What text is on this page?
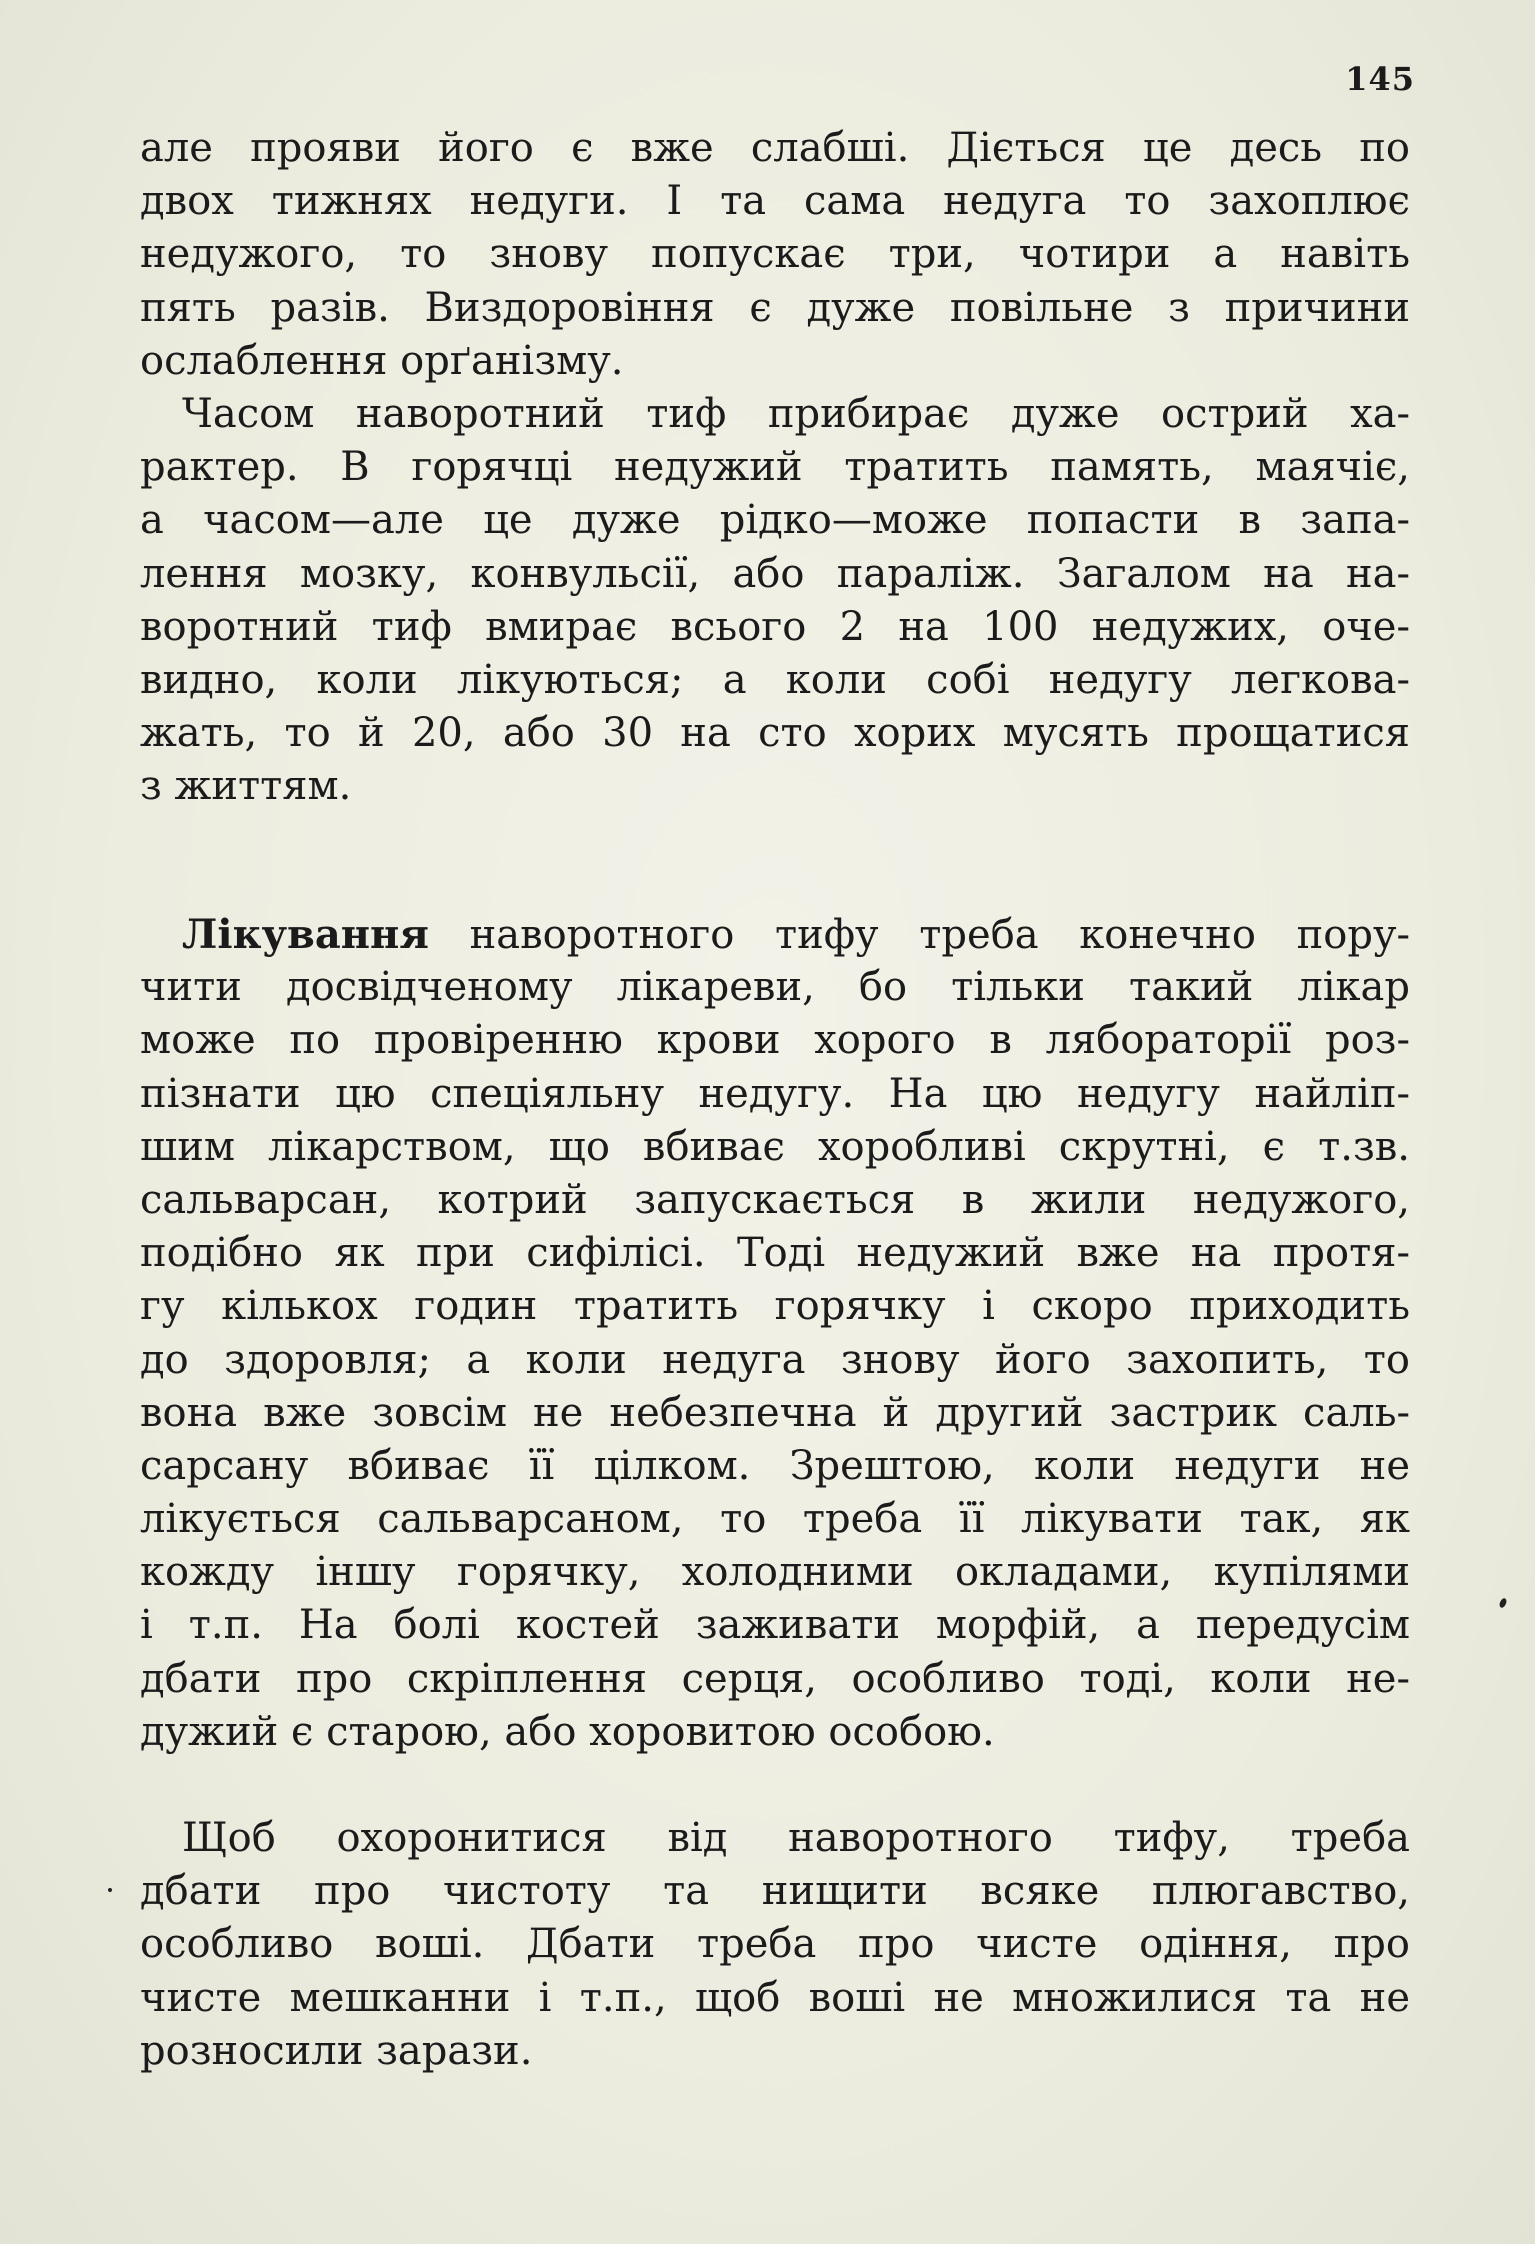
145
але прояви його є вже слабші. Діється це десь по
двох тижнях недуги. І та сама недуга то захоплює
недужого, то знову попускає три, чотири а навіть
пять разів. Виздоровіння є дуже повільне з причини
ослаблення орґанізму.
Часом наворотний тиф прибирає дуже острий ха-
рактер. В горячці недужий тратить память, маячіє,
а часом—але це дуже рідко—може попасти в запа-
лення мозку, конвульсії, або параліж. Загалом на на-
воротний тиф вмирає всього 2 на 100 недужих, оче-
видно, коли лікуються; а коли собі недугу легкова-
жать, то й 20, або 30 на сто хорих мусять прощатися
з життям.
Лікування наворотного тифу треба конечно пору-
чити досвідченому лікареви, бо тільки такий лікар
може по провіренню крови хорого в лябораторії роз-
пізнати цю спеціяльну недугу. На цю недугу найліп-
шим лікарством, що вбиває хоробливі скрутні, є т.зв.
сальварсан, котрий запускається в жили недужого,
подібно як при сифілісі. Тоді недужий вже на протя-
гу кількох годин тратить горячку і скоро приходить
до здоровля; а коли недуга знову його захопить, то
вона вже зовсім не небезпечна й другий застрик саль-
сарсану вбиває її цілком. Зрештою, коли недуги не
лікується сальварсаном, то треба її лікувати так, як
кожду іншу горячку, холодними окладами, купілями
і т.п. На болі костей заживати морфій, а передусім
дбати про скріплення серця, особливо тоді, коли не-
дужий є старою, або хоровитою особою.
Щоб охоронитися від наворотного тифу, треба
дбати про чистоту та нищити всяке плюгавство,
особливо воші. Дбати треба про чисте одіння, про
чисте мешканни і т.п., щоб воші не множилися та не
розносили зарази.
